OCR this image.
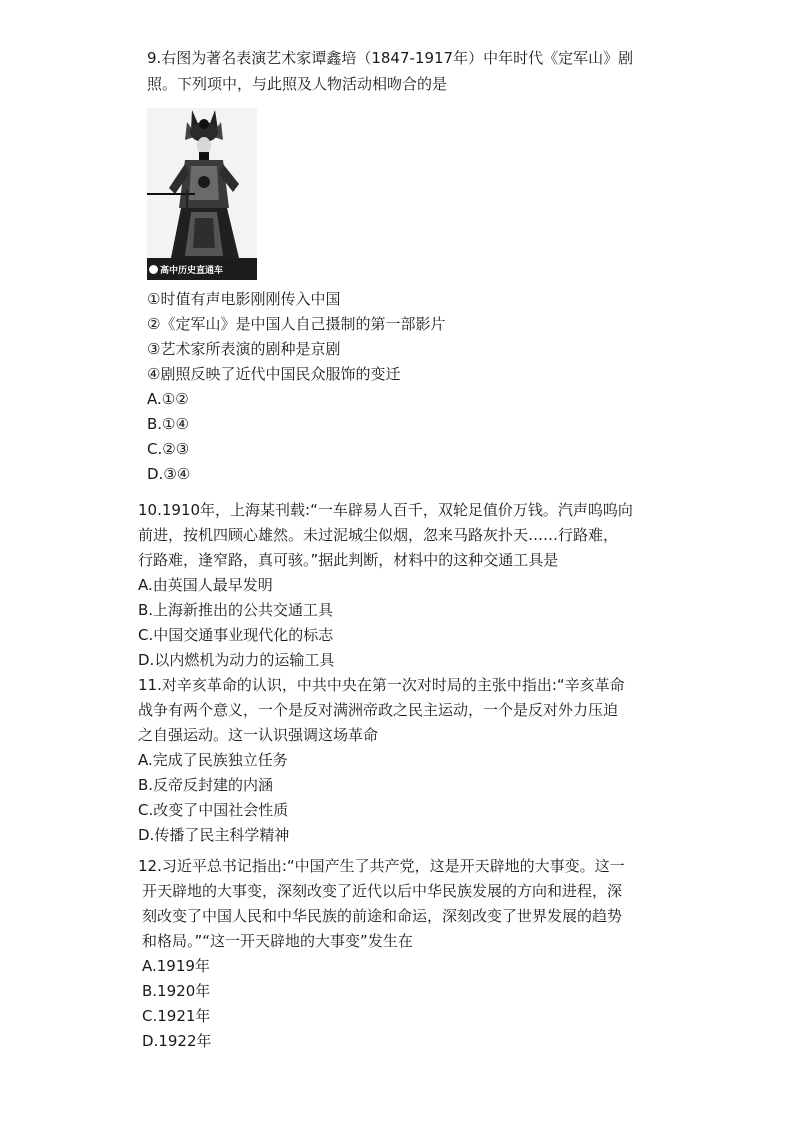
9.右图为著名表演艺术家谭鑫培（1847-1917年）中年时代《定军山》剧
照。下列项中，与此照及人物活动相吻合的是
高中历史直通车
①时值有声电影刚刚传入中国
②《定军山》是中国人自己摄制的第一部影片
③艺术家所表演的剧种是京剧
④剧照反映了近代中国民众服饰的变迁
A.①②
B.①④
C.②③
D.③④
10.1910年，上海某刊载:“一车辟易人百千，双轮足值价万钱。汽声呜呜向
前进，按机四顾心雄然。未过泥城尘似烟，忽来马路灰扑天……行路难，
行路难，逢窄路，真可骇。”据此判断，材料中的这种交通工具是
A.由英国人最早发明
B.上海新推出的公共交通工具
C.中国交通事业现代化的标志
D.以内燃机为动力的运输工具
11.对辛亥革命的认识，中共中央在第一次对时局的主张中指出:“辛亥革命
战争有两个意义，一个是反对满洲帝政之民主运动，一个是反对外力压迫
之自强运动。这一认识强调这场革命
A.完成了民族独立任务
B.反帝反封建的内涵
C.改变了中国社会性质
D.传播了民主科学精神
12.习近平总书记指出:“中国产生了共产党，这是开天辟地的大事变。这一
开天辟地的大事变，深刻改变了近代以后中华民族发展的方向和进程，深
刻改变了中国人民和中华民族的前途和命运，深刻改变了世界发展的趋势
和格局。”“这一开天辟地的大事变”发生在
A.1919年
B.1920年
C.1921年
D.1922年
